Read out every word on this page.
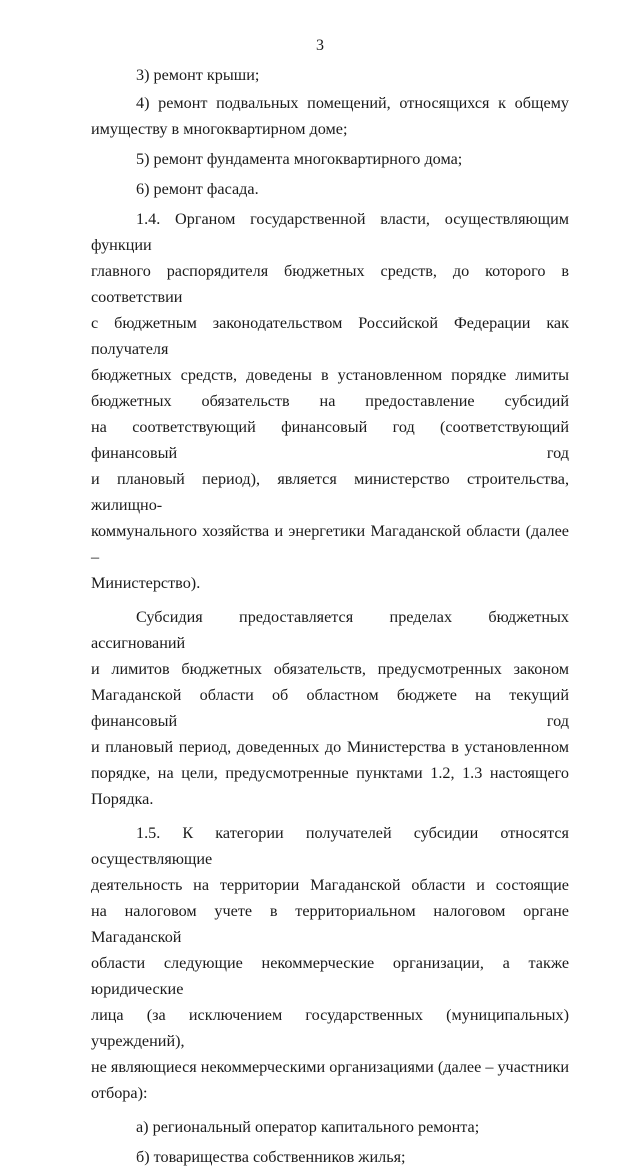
3
3) ремонт крыши;
4) ремонт подвальных помещений, относящихся к общему
имуществу в многоквартирном доме;
5) ремонт фундамента многоквартирного дома;
6) ремонт фасада.
1.4. Органом государственной власти, осуществляющим функции
главного распорядителя бюджетных средств, до которого в соответствии
с бюджетным законодательством Российской Федерации как получателя
бюджетных средств, доведены в установленном порядке лимиты
бюджетных обязательств на предоставление субсидий
на соответствующий финансовый год (соответствующий финансовый год
и плановый период), является министерство строительства, жилищно-
коммунального хозяйства и энергетики Магаданской области (далее –
Министерство).
Субсидия предоставляется пределах бюджетных ассигнований
и лимитов бюджетных обязательств, предусмотренных законом
Магаданской области об областном бюджете на текущий финансовый год
и плановый период, доведенных до Министерства в установленном
порядке, на цели, предусмотренные пунктами 1.2, 1.3 настоящего
Порядка.
1.5. К категории получателей субсидии относятся осуществляющие
деятельность на территории Магаданской области и состоящие
на налоговом учете в территориальном налоговом органе Магаданской
области следующие некоммерческие организации, а также юридические
лица (за исключением государственных (муниципальных) учреждений),
не являющиеся некоммерческими организациями (далее – участники
отбора):
а) региональный оператор капитального ремонта;
б) товарищества собственников жилья;
